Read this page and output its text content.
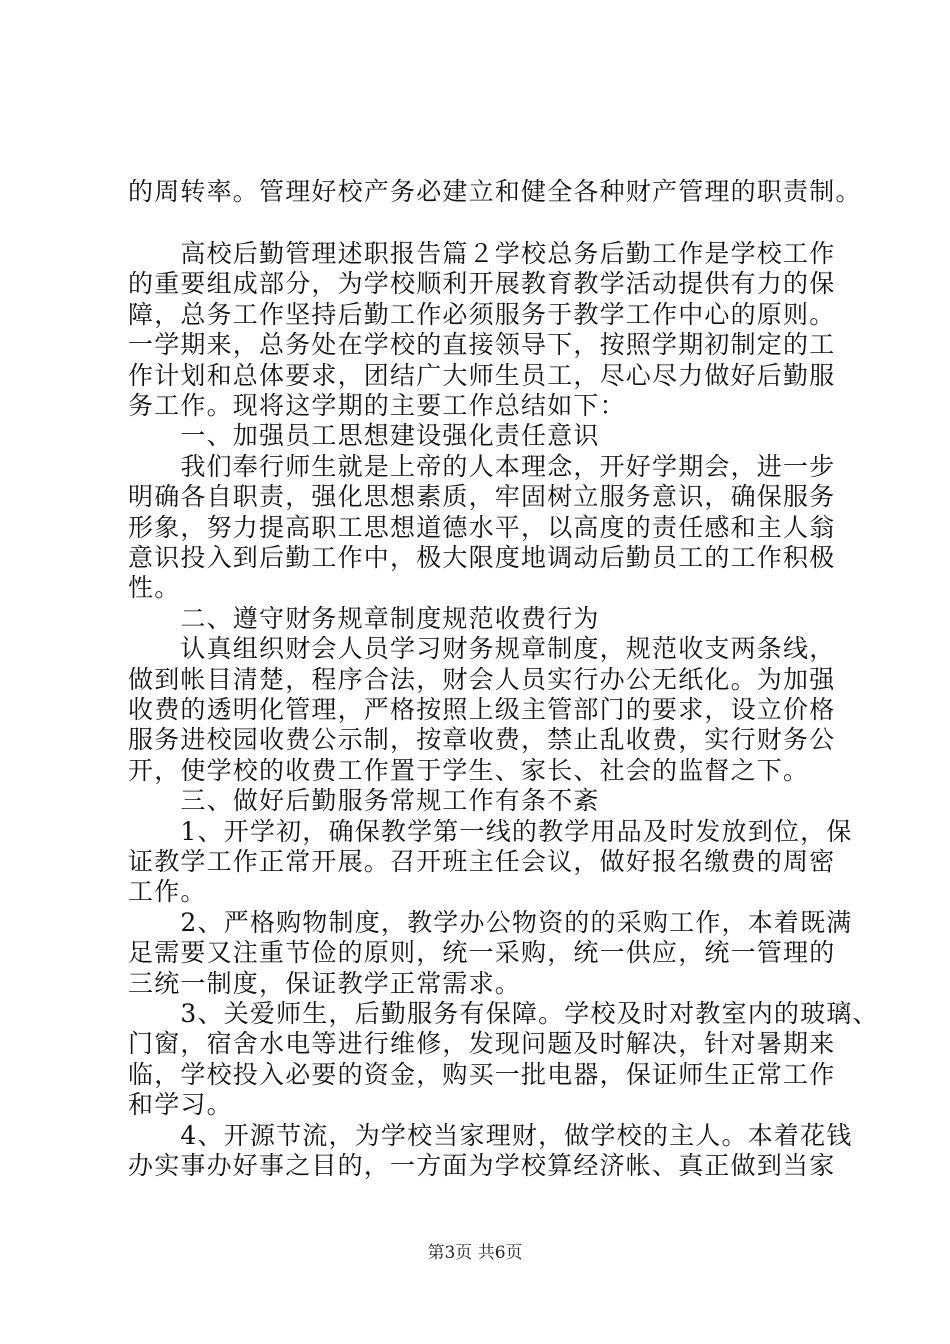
的周转率。管理好校产务必建立和健全各种财产管理的职责制。
　　高校后勤管理述职报告篇２学校总务后勤工作是学校工作
的重要组成部分，为学校顺利开展教育教学活动提供有力的保
障，总务工作坚持后勤工作必须服务于教学工作中心的原则。
一学期来，总务处在学校的直接领导下，按照学期初制定的工
作计划和总体要求，团结广大师生员工，尽心尽力做好后勤服
务工作。现将这学期的主要工作总结如下：
　　一、加强员工思想建设强化责任意识
　　我们奉行师生就是上帝的人本理念，开好学期会，进一步
明确各自职责，强化思想素质，牢固树立服务意识，确保服务
形象，努力提高职工思想道德水平，以高度的责任感和主人翁
意识投入到后勤工作中，极大限度地调动后勤员工的工作积极
性。
　　二、遵守财务规章制度规范收费行为
　　认真组织财会人员学习财务规章制度，规范收支两条线，
做到帐目清楚，程序合法，财会人员实行办公无纸化。为加强
收费的透明化管理，严格按照上级主管部门的要求，设立价格
服务进校园收费公示制，按章收费，禁止乱收费，实行财务公
开，使学校的收费工作置于学生、家长、社会的监督之下。
　　三、做好后勤服务常规工作有条不紊
　　1、开学初，确保教学第一线的教学用品及时发放到位，保
证教学工作正常开展。召开班主任会议，做好报名缴费的周密
工作。
　　2、严格购物制度，教学办公物资的的采购工作，本着既满
足需要又注重节俭的原则，统一采购，统一供应，统一管理的
三统一制度，保证教学正常需求。
第3页 共6页
　　3、关爱师生，后勤服务有保障。学校及时对教室内的玻璃、
门窗，宿舍水电等进行维修，发现问题及时解决，针对暑期来
临，学校投入必要的资金，购买一批电器，保证师生正常工作
和学习。
　　4、开源节流，为学校当家理财，做学校的主人。本着花钱
办实事办好事之目的，一方面为学校算经济帐、真正做到当家
